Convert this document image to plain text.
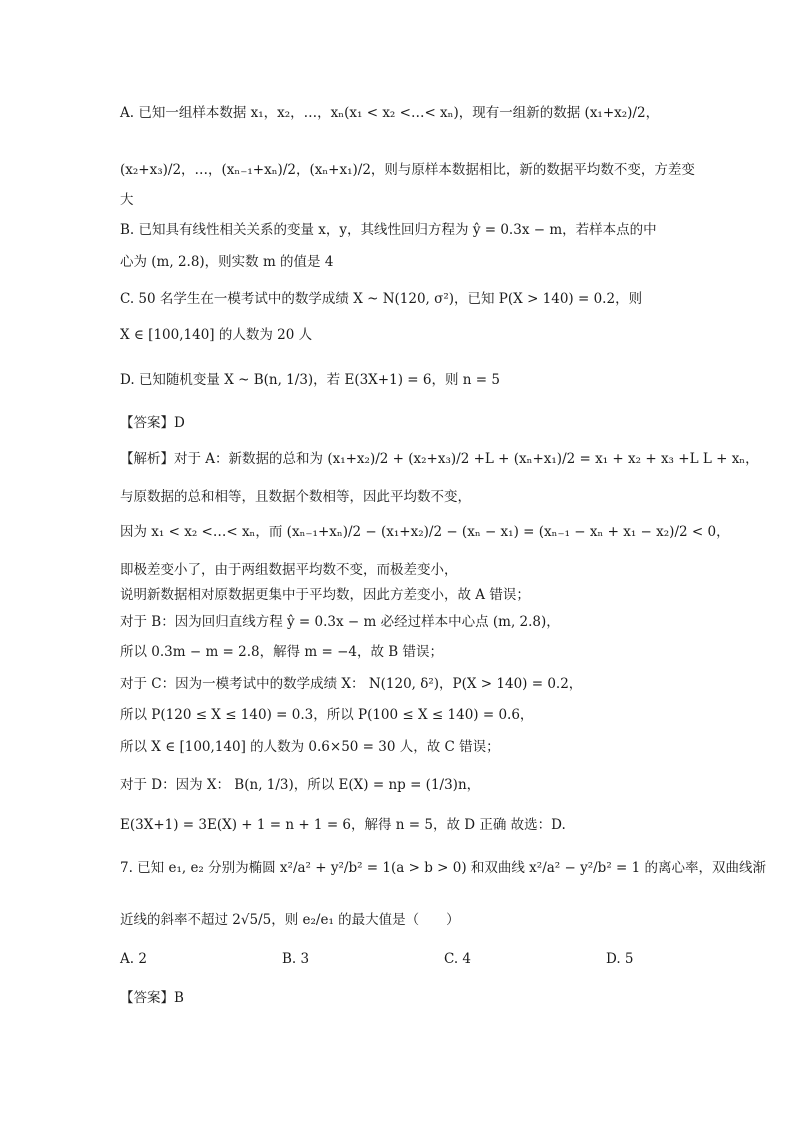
A. 已知一组样本数据 x₁，x₂，…，xₙ(x₁ < x₂ <…< xₙ)，现有一组新的数据 (x₁+x₂)/2，
(x₂+x₃)/2，…，(xₙ₋₁+xₙ)/2，(xₙ+x₁)/2，则与原样本数据相比，新的数据平均数不变，方差变
大
B. 已知具有线性相关关系的变量 x，y，其线性回归方程为 ŷ = 0.3x − m，若样本点的中
心为 (m, 2.8)，则实数 m 的值是 4
C. 50 名学生在一模考试中的数学成绩 X ~ N(120, σ²)，已知 P(X > 140) = 0.2，则
X ∈ [100,140] 的人数为 20 人
D. 已知随机变量 X ~ B(n, 1/3)，若 E(3X+1) = 6，则 n = 5
【答案】D
【解析】对于 A：新数据的总和为 (x₁+x₂)/2 + (x₂+x₃)/2 +L + (xₙ+x₁)/2 = x₁ + x₂ + x₃ +L L + xₙ，
与原数据的总和相等，且数据个数相等，因此平均数不变，
因为 x₁ < x₂ <…< xₙ，而 (xₙ₋₁+xₙ)/2 − (x₁+x₂)/2 − (xₙ − x₁) = (xₙ₋₁ − xₙ + x₁ − x₂)/2 < 0，
即极差变小了，由于两组数据平均数不变，而极差变小，
说明新数据相对原数据更集中于平均数，因此方差变小，故 A 错误；
对于 B：因为回归直线方程 ŷ = 0.3x − m 必经过样本中心点 (m, 2.8)，
所以 0.3m − m = 2.8，解得 m = −4，故 B 错误；
对于 C：因为一模考试中的数学成绩 X： N(120, δ²)，P(X > 140) = 0.2，
所以 P(120 ≤ X ≤ 140) = 0.3，所以 P(100 ≤ X ≤ 140) = 0.6，
所以 X ∈ [100,140] 的人数为 0.6×50 = 30 人，故 C 错误；
对于 D：因为 X： B(n, 1/3)，所以 E(X) = np = (1/3)n，
E(3X+1) = 3E(X) + 1 = n + 1 = 6，解得 n = 5，故 D 正确 故选：D.
7. 已知 e₁, e₂ 分别为椭圆 x²/a² + y²/b² = 1(a > b > 0) 和双曲线 x²/a² − y²/b² = 1 的离心率，双曲线渐
近线的斜率不超过 2√5/5，则 e₂/e₁ 的最大值是（　　）
A. 2	B. 3	C. 4	D. 5
【答案】B
